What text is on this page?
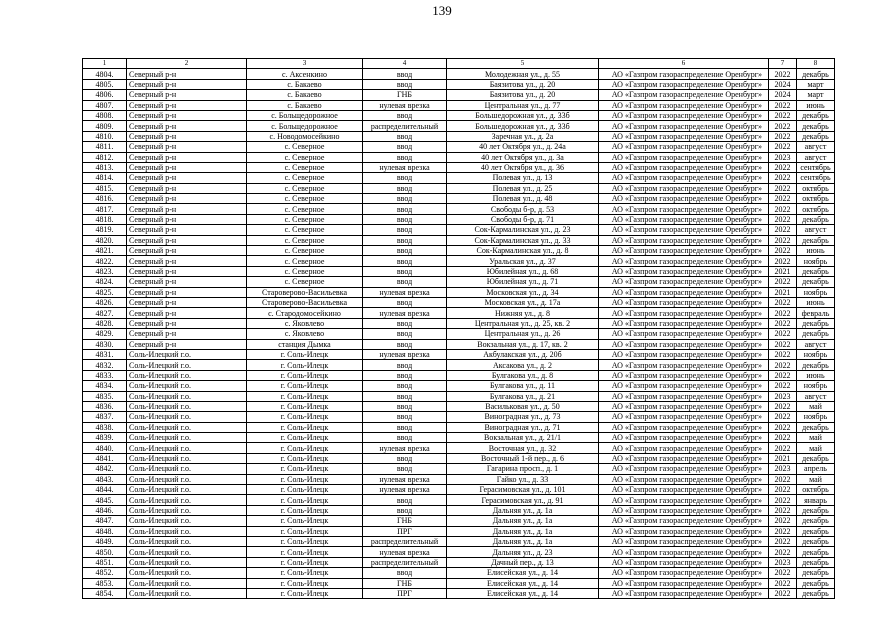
139
1	2	3	4	5	6	7	8
4804.	Северный р-н	с. Аксенкино	ввод	Молодежная ул., д. 55	АО «Газпром газораспределение Оренбург»	2022	декабрь
4805.	Северный р-н	с. Бакаево	ввод	Баязитова ул., д. 20	АО «Газпром газораспределение Оренбург»	2024	март
4806.	Северный р-н	с. Бакаево	ГНБ	Баязитова ул., д. 20	АО «Газпром газораспределение Оренбург»	2024	март
4807.	Северный р-н	с. Бакаево	нулевая врезка	Центральная ул., д. 77	АО «Газпром газораспределение Оренбург»	2022	июнь
4808.	Северный р-н	с. Больщедорожное	ввод	Большедорожная ул., д. 33б	АО «Газпром газораспределение Оренбург»	2022	декабрь
4809.	Северный р-н	с. Больщедорожное	распределительный	Большедорожная ул., д. 33б	АО «Газпром газораспределение Оренбург»	2022	декабрь
4810.	Северный р-н	с. Новодомосейкино	ввод	Заречная ул., д. 2а	АО «Газпром газораспределение Оренбург»	2022	декабрь
4811.	Северный р-н	с. Северное	ввод	40 лет Октября ул., д. 24а	АО «Газпром газораспределение Оренбург»	2022	август
4812.	Северный р-н	с. Северное	ввод	40 лет Октября ул., д. 3а	АО «Газпром газораспределение Оренбург»	2023	август
4813.	Северный р-н	с. Северное	нулевая врезка	40 лет Октября ул., д. 36	АО «Газпром газораспределение Оренбург»	2022	сентябрь
4814.	Северный р-н	с. Северное	ввод	Полевая ул., д. 13	АО «Газпром газораспределение Оренбург»	2022	сентябрь
4815.	Северный р-н	с. Северное	ввод	Полевая ул., д. 25	АО «Газпром газораспределение Оренбург»	2022	октябрь
4816.	Северный р-н	с. Северное	ввод	Полевая ул., д. 48	АО «Газпром газораспределение Оренбург»	2022	октябрь
4817.	Северный р-н	с. Северное	ввод	Свободы б-р, д. 53	АО «Газпром газораспределение Оренбург»	2022	октябрь
4818.	Северный р-н	с. Северное	ввод	Свободы б-р, д. 71	АО «Газпром газораспределение Оренбург»	2022	декабрь
4819.	Северный р-н	с. Северное	ввод	Сок-Кармалинская ул., д. 23	АО «Газпром газораспределение Оренбург»	2022	август
4820.	Северный р-н	с. Северное	ввод	Сок-Кармалинская ул., д. 33	АО «Газпром газораспределение Оренбург»	2022	декабрь
4821.	Северный р-н	с. Северное	ввод	Сок-Кармалинская ул., д. 8	АО «Газпром газораспределение Оренбург»	2022	июнь
4822.	Северный р-н	с. Северное	ввод	Уральская ул., д. 37	АО «Газпром газораспределение Оренбург»	2022	ноябрь
4823.	Северный р-н	с. Северное	ввод	Юбилейная ул., д. 68	АО «Газпром газораспределение Оренбург»	2021	декабрь
4824.	Северный р-н	с. Северное	ввод	Юбилейная ул., д. 71	АО «Газпром газораспределение Оренбург»	2022	декабрь
4825.	Северный р-н	Староверово-Васильевка	нулевая врезка	Московская ул., д. 34	АО «Газпром газораспределение Оренбург»	2021	ноябрь
4826.	Северный р-н	Староверово-Васильевка	ввод	Московская ул., д. 17а	АО «Газпром газораспределение Оренбург»	2022	июнь
4827.	Северный р-н	с. Стародомосейкино	нулевая врезка	Нижняя ул., д. 8	АО «Газпром газораспределение Оренбург»	2022	февраль
4828.	Северный р-н	с. Яковлево	ввод	Центральная ул., д. 25, кв. 2	АО «Газпром газораспределение Оренбург»	2022	декабрь
4829.	Северный р-н	с. Яковлево	ввод	Центральная ул., д. 26	АО «Газпром газораспределение Оренбург»	2022	декабрь
4830.	Северный р-н	станция Дымка	ввод	Вокзальная ул., д. 17, кв. 2	АО «Газпром газораспределение Оренбург»	2022	август
4831.	Соль-Илецкий г.о.	г. Соль-Илецк	нулевая врезка	Акбулакская ул., д. 20б	АО «Газпром газораспределение Оренбург»	2022	ноябрь
4832.	Соль-Илецкий г.о.	г. Соль-Илецк	ввод	Аксакова ул., д. 2	АО «Газпром газораспределение Оренбург»	2022	декабрь
4833.	Соль-Илецкий г.о.	г. Соль-Илецк	ввод	Булгакова ул., д. 8	АО «Газпром газораспределение Оренбург»	2022	июнь
4834.	Соль-Илецкий г.о.	г. Соль-Илецк	ввод	Булгакова ул., д. 11	АО «Газпром газораспределение Оренбург»	2022	ноябрь
4835.	Соль-Илецкий г.о.	г. Соль-Илецк	ввод	Булгакова ул., д. 21	АО «Газпром газораспределение Оренбург»	2023	август
4836.	Соль-Илецкий г.о.	г. Соль-Илецк	ввод	Васильковая ул., д. 50	АО «Газпром газораспределение Оренбург»	2022	май
4837.	Соль-Илецкий г.о.	г. Соль-Илецк	ввод	Виноградная ул., д. 73	АО «Газпром газораспределение Оренбург»	2022	ноябрь
4838.	Соль-Илецкий г.о.	г. Соль-Илецк	ввод	Виноградная ул., д. 71	АО «Газпром газораспределение Оренбург»	2022	декабрь
4839.	Соль-Илецкий г.о.	г. Соль-Илецк	ввод	Вокзальная ул., д. 21/1	АО «Газпром газораспределение Оренбург»	2022	май
4840.	Соль-Илецкий г.о.	г. Соль-Илецк	нулевая врезка	Восточная ул., д. 32	АО «Газпром газораспределение Оренбург»	2022	май
4841.	Соль-Илецкий г.о.	г. Соль-Илецк	ввод	Восточный 1-й пер., д. 6	АО «Газпром газораспределение Оренбург»	2021	декабрь
4842.	Соль-Илецкий г.о.	г. Соль-Илецк	ввод	Гагарина просп., д. 1	АО «Газпром газораспределение Оренбург»	2023	апрель
4843.	Соль-Илецкий г.о.	г. Соль-Илецк	нулевая врезка	Гайко ул., д. 33	АО «Газпром газораспределение Оренбург»	2022	май
4844.	Соль-Илецкий г.о.	г. Соль-Илецк	нулевая врезка	Герасимовская ул., д. 101	АО «Газпром газораспределение Оренбург»	2022	октябрь
4845.	Соль-Илецкий г.о.	г. Соль-Илецк	ввод	Герасимовская ул., д. 91	АО «Газпром газораспределение Оренбург»	2022	январь
4846.	Соль-Илецкий г.о.	г. Соль-Илецк	ввод	Дальняя ул., д. 1а	АО «Газпром газораспределение Оренбург»	2022	декабрь
4847.	Соль-Илецкий г.о.	г. Соль-Илецк	ГНБ	Дальняя ул., д. 1а	АО «Газпром газораспределение Оренбург»	2022	декабрь
4848.	Соль-Илецкий г.о.	г. Соль-Илецк	ПРГ	Дальняя ул., д. 1а	АО «Газпром газораспределение Оренбург»	2022	декабрь
4849.	Соль-Илецкий г.о.	г. Соль-Илецк	распределительный	Дальняя ул., д. 1а	АО «Газпром газораспределение Оренбург»	2022	декабрь
4850.	Соль-Илецкий г.о.	г. Соль-Илецк	нулевая врезка	Дальняя ул., д. 23	АО «Газпром газораспределение Оренбург»	2022	декабрь
4851.	Соль-Илецкий г.о.	г. Соль-Илецк	распределительный	Дачный пер., д. 13	АО «Газпром газораспределение Оренбург»	2023	декабрь
4852.	Соль-Илецкий г.о.	г. Соль-Илецк	ввод	Елисейская ул., д. 14	АО «Газпром газораспределение Оренбург»	2022	декабрь
4853.	Соль-Илецкий г.о.	г. Соль-Илецк	ГНБ	Елисейская ул., д. 14	АО «Газпром газораспределение Оренбург»	2022	декабрь
4854.	Соль-Илецкий г.о.	г. Соль-Илецк	ПРГ	Елисейская ул., д. 14	АО «Газпром газораспределение Оренбург»	2022	декабрь
